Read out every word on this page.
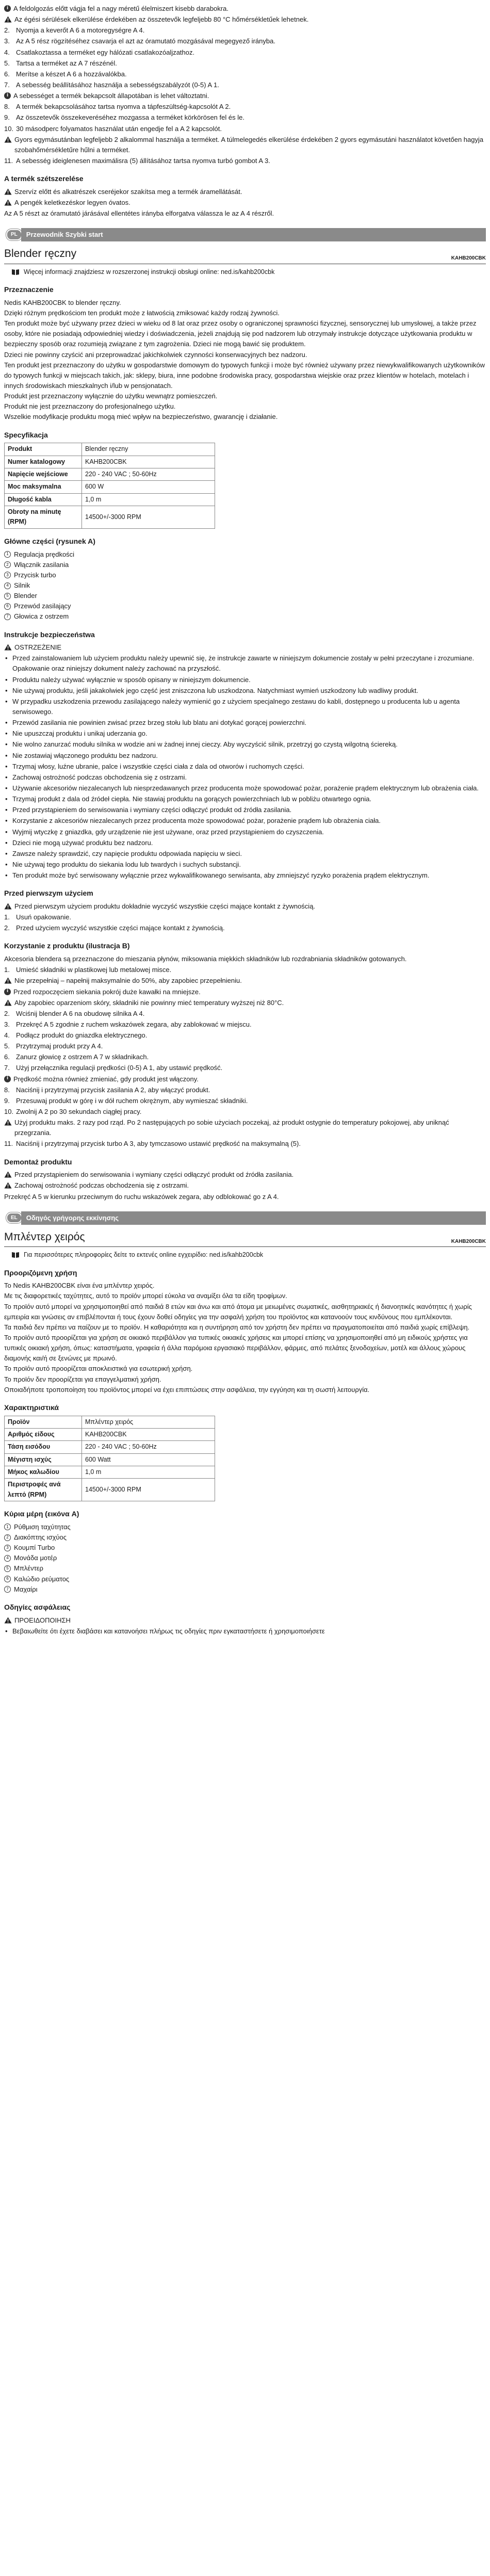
i A feldolgozás előtt vágja fel a nagy méretű élelmiszert kisebb darabokra.
Az égési sérülések elkerülése érdekében az összetevők legfeljebb 80 °C hőmérsékletűek lehetnek.
2. Nyomja a keverőt A 6 a motoregységre A 4.
3. Az A 5 rész rögzítéséhez csavarja el azt az óramutató mozgásával megegyező irányba.
4. Csatlakoztassa a terméket egy hálózati csatlakozóaljzathoz.
5. Tartsa a terméket az A 7 részénél.
6. Merítse a készet A 6 a hozzávalókba.
7. A sebesség beállításához használja a sebességszabályzót (0-5) A 1.
i A sebességet a termék bekapcsolt állapotában is lehet változtatni.
8. A termék bekapcsolásához tartsa nyomva a tápfeszültség-kapcsolót A 2.
9. Az összetevők összekeveréséhez mozgassa a terméket körkörösen fel és le.
10. 30 másodperc folyamatos használat után engedje fel a A 2 kapcsolót.
Gyors egymásutánban legfeljebb 2 alkalommal használja a terméket. A túlmelegedés elkerülése érdekében 2 gyors egymásutáni használatot követően hagyja szobahőmérsékletűre hűlni a terméket.
11. A sebesség ideiglenesen maximálisra (5) állításához tartsa nyomva turbó gombot A 3.
A termék szétszerelése
Szervíz előtt és alkatrészek cseréjekor szakítsa meg a termék áramellátását.
A pengék keletkezéskor legyen óvatos.
Az A 5 részt az óramutató járásával ellentétes irányba elforgatva válassza le az A 4 részről.
PL	Przewodnik Szybki start
Blender ręczny	KAHB200CBK
Więcej informacji znajdziesz w rozszerzonej instrukcji obsługi online: ned.is/kahb200cbk
Przeznaczenie

Nedis KAHB200CBK to blender ręczny.

Dzięki różnym prędkościom ten produkt może z łatwością zmiksować każdy rodzaj żywności.

Ten produkt może być używany przez dzieci w wieku od 8 lat oraz przez osoby o ograniczonej sprawności fizycznej, sensorycznej lub umysłowej, a także przez osoby, które nie posiadają odpowiedniej wiedzy i doświadczenia, jeżeli znajdują się pod nadzorem lub otrzymały instrukcje dotyczące użytkowania produktu w bezpieczny sposób oraz rozumieją związane z tym zagrożenia. Dzieci nie mogą bawić się produktem.

Dzieci nie powinny czyścić ani przeprowadzać jakichkolwiek czynności konserwacyjnych bez nadzoru.

Ten produkt jest przeznaczony do użytku w gospodarstwie domowym do typowych funkcji i może być również używany przez niewykwalifikowanych użytkowników do typowych funkcji w miejscach takich, jak: sklepy, biura, inne podobne środowiska pracy, gospodarstwa wiejskie oraz przez klientów w hotelach, motelach i innych środowiskach mieszkalnych i/lub w pensjonatach.

Produkt jest przeznaczony wyłącznie do użytku wewnątrz pomieszczeń.

Produkt nie jest przeznaczony do profesjonalnego użytku.

Wszelkie modyfikacje produktu mogą mieć wpływ na bezpieczeństwo, gwarancję i działanie.

Specyfikacja
Produkt	Blender ręczny
Numer katalogowy	KAHB200CBK
Napięcie wejściowe	220 - 240 VAC ; 50-60Hz
Moc maksymalna	600 W
Długość kabla	1,0 m
Obroty na minutę (RPM)	14500+/-3000 RPM
Główne części (rysunek A)
1 Regulacja prędkości
2 Włącznik zasilania
3 Przycisk turbo
4 Silnik
5 Blender
6 Przewód zasilający
7 Głowica z ostrzem
Instrukcje bezpieczeństwa
OSTRZEŻENIE
• Przed zainstalowaniem lub użyciem produktu należy upewnić się, że instrukcje zawarte w niniejszym dokumencie zostały w pełni przeczytane i zrozumiane. Opakowanie oraz niniejszy dokument należy zachować na przyszłość.
• Produktu należy używać wyłącznie w sposób opisany w niniejszym dokumencie.
• Nie używaj produktu, jeśli jakakolwiek jego część jest zniszczona lub uszkodzona. Natychmiast wymień uszkodzony lub wadliwy produkt.
• W przypadku uszkodzenia przewodu zasilającego należy wymienić go z użyciem specjalnego zestawu do kabli, dostępnego u producenta lub u agenta serwisowego.
• Przewód zasilania nie powinien zwisać przez brzeg stołu lub blatu ani dotykać gorącej powierzchni.
• Nie upuszczaj produktu i unikaj uderzania go.
• Nie wolno zanurzać modułu silnika w wodzie ani w żadnej innej cieczy. Aby wyczyścić silnik, przetrzyj go czystą wilgotną ściereką.
• Nie zostawiaj włączonego produktu bez nadzoru.
• Trzymaj włosy, luźne ubranie, palce i wszystkie części ciała z dala od otworów i ruchomych części.
• Zachowaj ostrożność podczas obchodzenia się z ostrzami.
• Używanie akcesoriów niezalecanych lub niesprzedawanych przez producenta może spowodować pożar, porażenie prądem elektrycznym lub obrażenia ciała.
• Trzymaj produkt z dala od źródeł ciepła. Nie stawiaj produktu na gorących powierzchniach lub w pobliżu otwartego ognia.
• Przed przystąpieniem do serwisowania i wymiany części odłączyć produkt od źródła zasilania.
• Korzystanie z akcesoriów niezalecanych przez producenta może spowodować pożar, porażenie prądem lub obrażenia ciała.
• Wyjmij wtyczkę z gniazdka, gdy urządzenie nie jest używane, oraz przed przystąpieniem do czyszczenia.
• Dzieci nie mogą używać produktu bez nadzoru.
• Zawsze należy sprawdzić, czy napięcie produktu odpowiada napięciu w sieci.
• Nie używaj tego produktu do siekania lodu lub twardych i suchych substancji.
• Ten produkt może być serwisowany wyłącznie przez wykwalifikowanego serwisanta, aby zmniejszyć ryzyko porażenia prądem elektrycznym.
Przed pierwszym użyciem
Przed pierwszym użyciem produktu dokładnie wyczyść wszystkie części mające kontakt z żywnością.
1. Usuń opakowanie.
2. Przed użyciem wyczyść wszystkie części mające kontakt z żywnością.
Korzystanie z produktu (ilustracja B)

Akcesoria blendera są przeznaczone do mieszania płynów, miksowania miękkich składników lub rozdrabniania składników gotowanych.

1. Umieść składniki w plastikowej lub metalowej misce.
Nie przepełniaj – napełnij maksymalnie do 50%, aby zapobiec przepełnieniu.
i Przed rozpoczęciem siekania pokrój duże kawałki na mniejsze.
Aby zapobiec oparzeniom skóry, składniki nie powinny mieć temperatury wyższej niż 80°C.
2. Wciśnij blender A 6 na obudowę silnika A 4.
3. Przekręć A 5 zgodnie z ruchem wskazówek zegara, aby zablokować w miejscu.
4. Podłącz produkt do gniazdka elektrycznego.
5. Przytrzymaj produkt przy A 4.
6. Zanurz głowicę z ostrzem A 7 w składnikach.
7. Użyj przełącznika regulacji prędkości (0-5) A 1, aby ustawić prędkość.
i Prędkość można również zmieniać, gdy produkt jest włączony.
8. Naciśnij i przytrzymaj przycisk zasilania A 2, aby włączyć produkt.
9. Przesuwaj produkt w górę i w dół ruchem okrężnym, aby wymieszać składniki.
10. Zwolnij A 2 po 30 sekundach ciągłej pracy.
Użyj produktu maks. 2 razy pod rząd. Po 2 następujących po sobie użyciach poczekaj, aż produkt ostygnie do temperatury pokojowej, aby uniknąć przegrzania.
11. Naciśnij i przytrzymaj przycisk turbo A 3, aby tymczasowo ustawić prędkość na maksymalną (5).
Demontaż produktu
Przed przystąpieniem do serwisowania i wymiany części odłączyć produkt od źródła zasilania.
Zachowaj ostrożność podczas obchodzenia się z ostrzami.
Przekręć A 5 w kierunku przeciwnym do ruchu wskazówek zegara, aby odblokować go z A 4.
EL	Οδηγός γρήγορης εκκίνησης
Μπλέντερ χειρός	KAHB200CBK
Για περισσότερες πληροφορίες δείτε το εκτενές online εγχειρίδιο: ned.is/kahb200cbk
Προοριζόμενη χρήση

Το Nedis KAHB200CBK είναι ένα μπλέντερ χειρός.

Με τις διαφορετικές ταχύτητες, αυτό το προϊόν μπορεί εύκολα να αναμίξει όλα τα είδη τροφίμων.

Το προϊόν αυτό μπορεί να χρησιμοποιηθεί από παιδιά 8 ετών και άνω και από άτομα με μειωμένες σωματικές, αισθητηριακές ή διανοητικές ικανότητες ή χωρίς εμπειρία και γνώσεις αν επιβλέπονται ή τους έχουν δοθεί οδηγίες για την ασφαλή χρήση του προϊόντος και κατανοούν τους κινδύνους που εμπλέκονται.

Τα παιδιά δεν πρέπει να παίζουν με το προϊόν. Η καθαριότητα και η συντήρηση από τον χρήστη δεν πρέπει να πραγματοποιείται από παιδιά χωρίς επίβλεψη.

Το προϊόν αυτό προορίζεται για χρήση σε οικιακό περιβάλλον για τυπικές οικιακές χρήσεις και μπορεί επίσης να χρησιμοποιηθεί από μη ειδικούς χρήστες για τυπικές οικιακή χρήση, όπως: καταστήματα, γραφεία ή άλλα παρόμοια εργασιακό περιβάλλον, φάρμες, από πελάτες ξενοδοχείων, μοτέλ και άλλους χώρους διαμονής και/ή σε ξενώνες με πρωινό.

Το προϊόν αυτό προορίζεται αποκλειστικά για εσωτερική χρήση.

Το προϊόν δεν προορίζεται για επαγγελματική χρήση.

Οποιαδήποτε τροποποίηση του προϊόντος μπορεί να έχει επιπτώσεις στην ασφάλεια, την εγγύηση και τη σωστή λειτουργία.

Χαρακτηριστικά
Προϊόν	Μπλέντερ χειρός
Αριθμός είδους	KAHB200CBK
Τάση εισόδου	220 - 240 VAC ; 50-60Hz
Μέγιστη ισχύς	600 Watt
Μήκος καλωδίου	1,0 m
Περιστροφές ανά λεπτό (RPM)	14500+/-3000 RPM
Κύρια μέρη (εικόνα A)
1 Ρύθμιση ταχύτητας
2 Διακόπτης ισχύος
3 Κουμπί Turbo
4 Μονάδα μοτέρ
5 Μπλέντερ
6 Καλώδιο ρεύματος
7 Μαχαίρι
Οδηγίες ασφάλειας
ΠΡΟΕΙΔΟΠΟΙΗΣΗ
• Βεβαιωθείτε ότι έχετε διαβάσει και κατανοήσει πλήρως τις οδηγίες πριν εγκαταστήσετε ή χρησιμοποιήσετε
